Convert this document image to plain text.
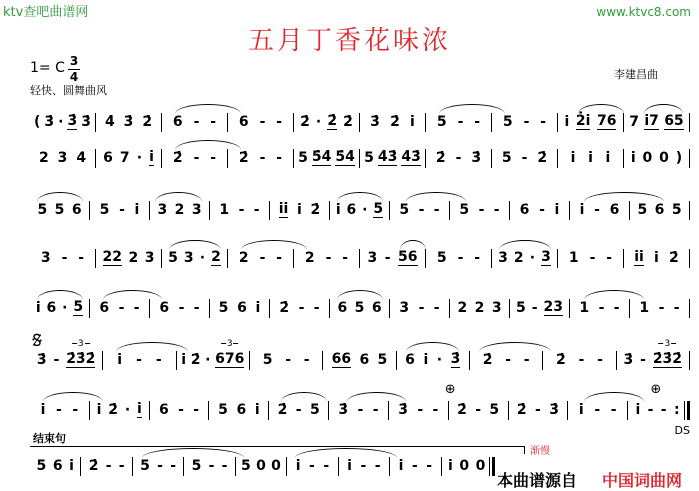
ktv查吧曲谱网	www.ktvc8.com
五月丁香花味浓
1= C 3
4
轻快、圆舞曲风
李建昌曲
( 3̇ · 3̇ 3̇ 4̇ 3̇ 2̇ 6 - - 6 - - 2̇ · 2̇ 2̇ 3̇ 2̇ i 5 - - 5 - - i 2̇i 76 7 i7 65
2 3 4 6 7 · i 2̇ - - 2̇ - - 5 5̇4̇ 5̇4̇ 5 4̇3̇ 4̇3̇ 2̇ - 3̇ 5 - 2̇ i i i i 0 0 )
5 5 6 5 - i 3 2 3 1 - - ii i 2̇ i 6 · 5 5 - - 5 - - 6 - i i - 6 5 6 5
3 - - 22 2 3 5 3 · 2 2 - - 2 - - 3 - 56 5 - - 3 2 · 3 1 - - ii i 2̇
i 6 · 5 6 - - 6 - - 5 6 i 2̇ - - 6 5 6 3 - - 2 2 3 5 - 23 1 - - 1 - -
3̇ - 2̇3̇2̇
3
i - - i 2̇ · 676
3
5 - - 66 6 5 6 i · 3̇ 2̇ - - 2̇ - - 3̇ - 2̇3̇2̇
3
i - - i 2̇ · i 6 - - 5 6 i 2̇ - 5 3̇ - - 3̇ - - 2̇ - 5 2̇ - 3̇ i - - i - - :
⊕	⊕
DS
结束句
渐慢
5 6 i 2̇ - - 5 - - 5 - - 5 0 0 i - - i - - i - - i 0 0
本曲谱源自 中国词曲网
